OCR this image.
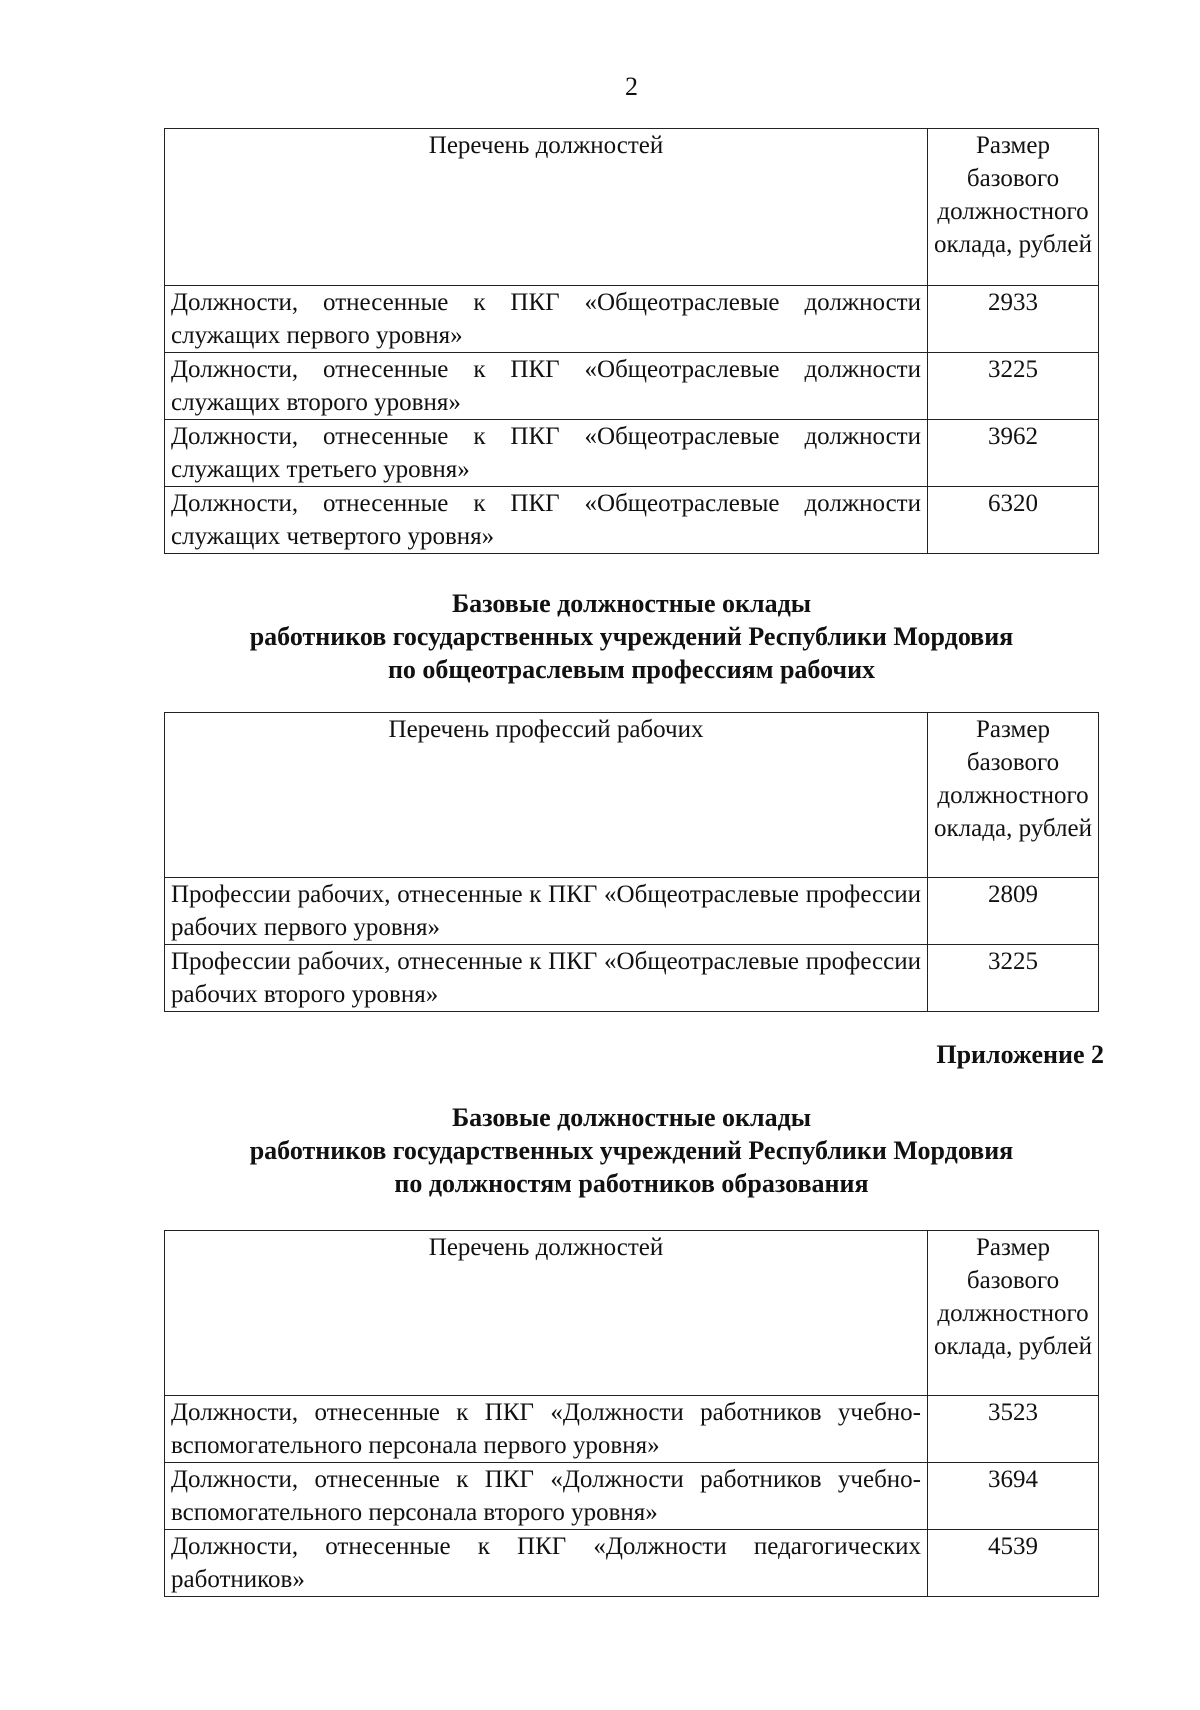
2
Перечень должностей	Размер базового должностного оклада, рублей
Должности, отнесенные к ПКГ «Общеотраслевые должности служащих первого уровня»	2933
Должности, отнесенные к ПКГ «Общеотраслевые должности служащих второго уровня»	3225
Должности, отнесенные к ПКГ «Общеотраслевые должности служащих третьего уровня»	3962
Должности, отнесенные к ПКГ «Общеотраслевые должности служащих четвертого уровня»	6320
Базовые должностные оклады
работников государственных учреждений Республики Мордовия
по общеотраслевым профессиям рабочих
Перечень профессий рабочих	Размер базового должностного оклада, рублей
Профессии рабочих, отнесенные к ПКГ «Общеотраслевые профессии рабочих первого уровня»	2809
Профессии рабочих, отнесенные к ПКГ «Общеотраслевые профессии рабочих второго уровня»	3225
Приложение 2
Базовые должностные оклады
работников государственных учреждений Республики Мордовия
по должностям работников образования
Перечень должностей	Размер базового должностного оклада, рублей
Должности, отнесенные к ПКГ «Должности работников учебно-вспомогательного персонала первого уровня»	3523
Должности, отнесенные к ПКГ «Должности работников учебно-вспомогательного персонала второго уровня»	3694
Должности, отнесенные к ПКГ «Должности педагогических работников»	4539
